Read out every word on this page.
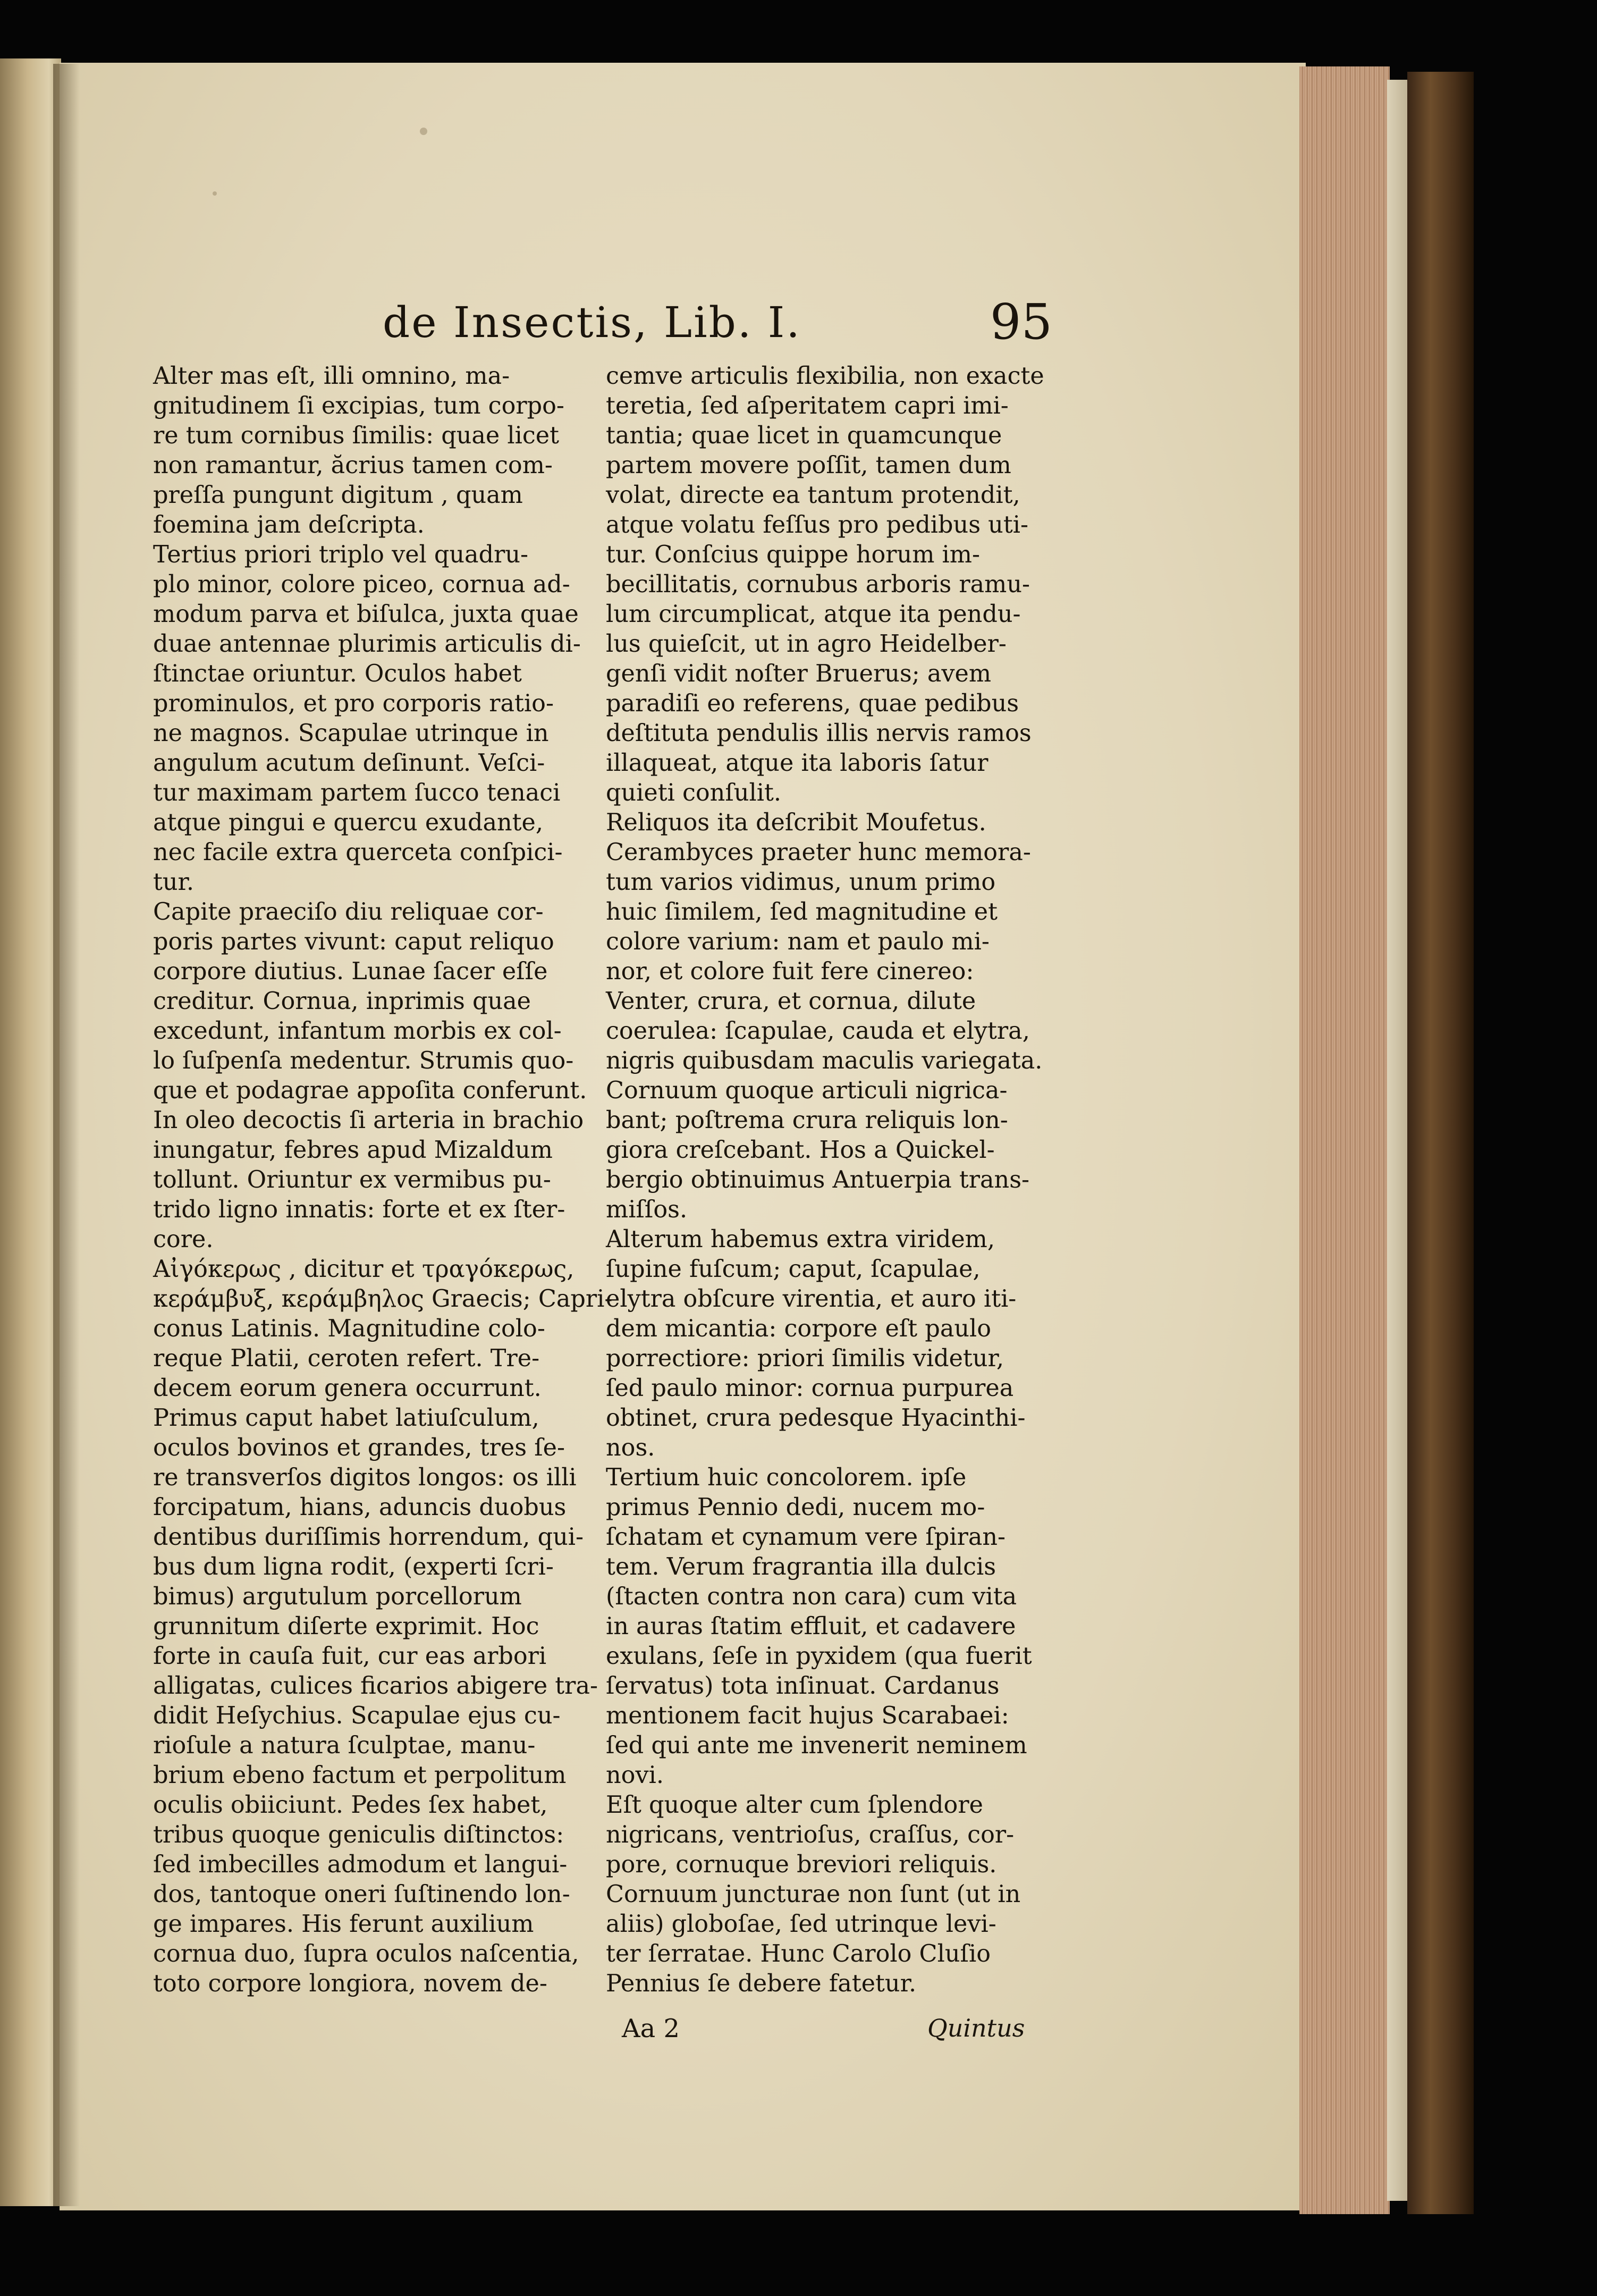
de Insectis, Lib. I.	95
Alter mas eſt, illi omnino, ma-
gnitudinem ſi excipias, tum corpo-
re tum cornibus ſimilis: quae licet
non ramantur, ăcrius tamen com-
preſſa pungunt digitum , quam
foemina jam deſcripta.
Tertius priori triplo vel quadru-
plo minor, colore piceo, cornua ad-
modum parva et biſulca, juxta quae
duae antennae plurimis articulis di-
ſtinctae oriuntur. Oculos habet
prominulos, et pro corporis ratio-
ne magnos. Scapulae utrinque in
angulum acutum deſinunt. Veſci-
tur maximam partem ſucco tenaci
atque pingui e quercu exudante,
nec facile extra querceta conſpici-
tur.
Capite praeciſo diu reliquae cor-
poris partes vivunt: caput reliquo
corpore diutius. Lunae ſacer eſſe
creditur. Cornua, inprimis quae
excedunt, infantum morbis ex col-
lo ſuſpenſa medentur. Strumis quo-
que et podagrae appoſita conferunt.
In oleo decoctis ſi arteria in brachio
inungatur, febres apud Mizaldum
tollunt. Oriuntur ex vermibus pu-
trido ligno innatis: forte et ex ſter-
core.
Αἰγόκερως , dicitur et τραγόκερως,
κεράμβυξ, κεράμβηλος Graecis; Capri-
conus Latinis. Magnitudine colo-
reque Platii, ceroten refert. Tre-
decem eorum genera occurrunt.
Primus caput habet latiuſculum,
oculos bovinos et grandes, tres ſe-
re transverſos digitos longos: os illi
forcipatum, hians, aduncis duobus
dentibus duriſſimis horrendum, qui-
bus dum ligna rodit, (experti ſcri-
bimus) argutulum porcellorum
grunnitum diſerte exprimit. Hoc
forte in cauſa fuit, cur eas arbori
alligatas, culices ficarios abigere tra-
didit Heſychius. Scapulae ejus cu-
rioſule a natura ſculptae, manu-
brium ebeno factum et perpolitum
oculis obiiciunt. Pedes ſex habet,
tribus quoque geniculis diſtinctos:
ſed imbecilles admodum et langui-
dos, tantoque oneri ſuſtinendo lon-
ge impares. His ferunt auxilium
cornua duo, ſupra oculos naſcentia,
toto corpore longiora, novem de-
cemve articulis flexibilia, non exacte
teretia, ſed aſperitatem capri imi-
tantia; quae licet in quamcunque
partem movere poſſit, tamen dum
volat, directe ea tantum protendit,
atque volatu feſſus pro pedibus uti-
tur. Conſcius quippe horum im-
becillitatis, cornubus arboris ramu-
lum circumplicat, atque ita pendu-
lus quieſcit, ut in agro Heidelber-
genſi vidit noſter Bruerus; avem
paradiſi eo referens, quae pedibus
deſtituta pendulis illis nervis ramos
illaqueat, atque ita laboris ſatur
quieti conſulit.
Reliquos ita deſcribit Moufetus.
Cerambyces praeter hunc memora-
tum varios vidimus, unum primo
huic ſimilem, ſed magnitudine et
colore varium: nam et paulo mi-
nor, et colore fuit fere cinereo:
Venter, crura, et cornua, dilute
coerulea: ſcapulae, cauda et elytra,
nigris quibusdam maculis variegata.
Cornuum quoque articuli nigrica-
bant; poſtrema crura reliquis lon-
giora creſcebant. Hos a Quickel-
bergio obtinuimus Antuerpia trans-
miſſos.
Alterum habemus extra viridem,
ſupine fuſcum; caput, ſcapulae,
elytra obſcure virentia, et auro iti-
dem micantia: corpore eſt paulo
porrectiore: priori ſimilis videtur,
ſed paulo minor: cornua purpurea
obtinet, crura pedesque Hyacinthi-
nos.
Tertium huic concolorem. ipſe
primus Pennio dedi, nucem mo-
ſchatam et cynamum vere ſpiran-
tem. Verum fragrantia illa dulcis
(ſtacten contra non cara) cum vita
in auras ſtatim effluit, et cadavere
exulans, ſeſe in pyxidem (qua fuerit
ſervatus) tota inſinuat. Cardanus
mentionem facit hujus Scarabaei:
ſed qui ante me invenerit neminem
novi.
Eſt quoque alter cum ſplendore
nigricans, ventrioſus, craſſus, cor-
pore, cornuque breviori reliquis.
Cornuum juncturae non ſunt (ut in
aliis) globoſae, ſed utrinque levi-
ter ſerratae. Hunc Carolo Cluſio
Pennius ſe debere fatetur.
Aa 2	Quintus
